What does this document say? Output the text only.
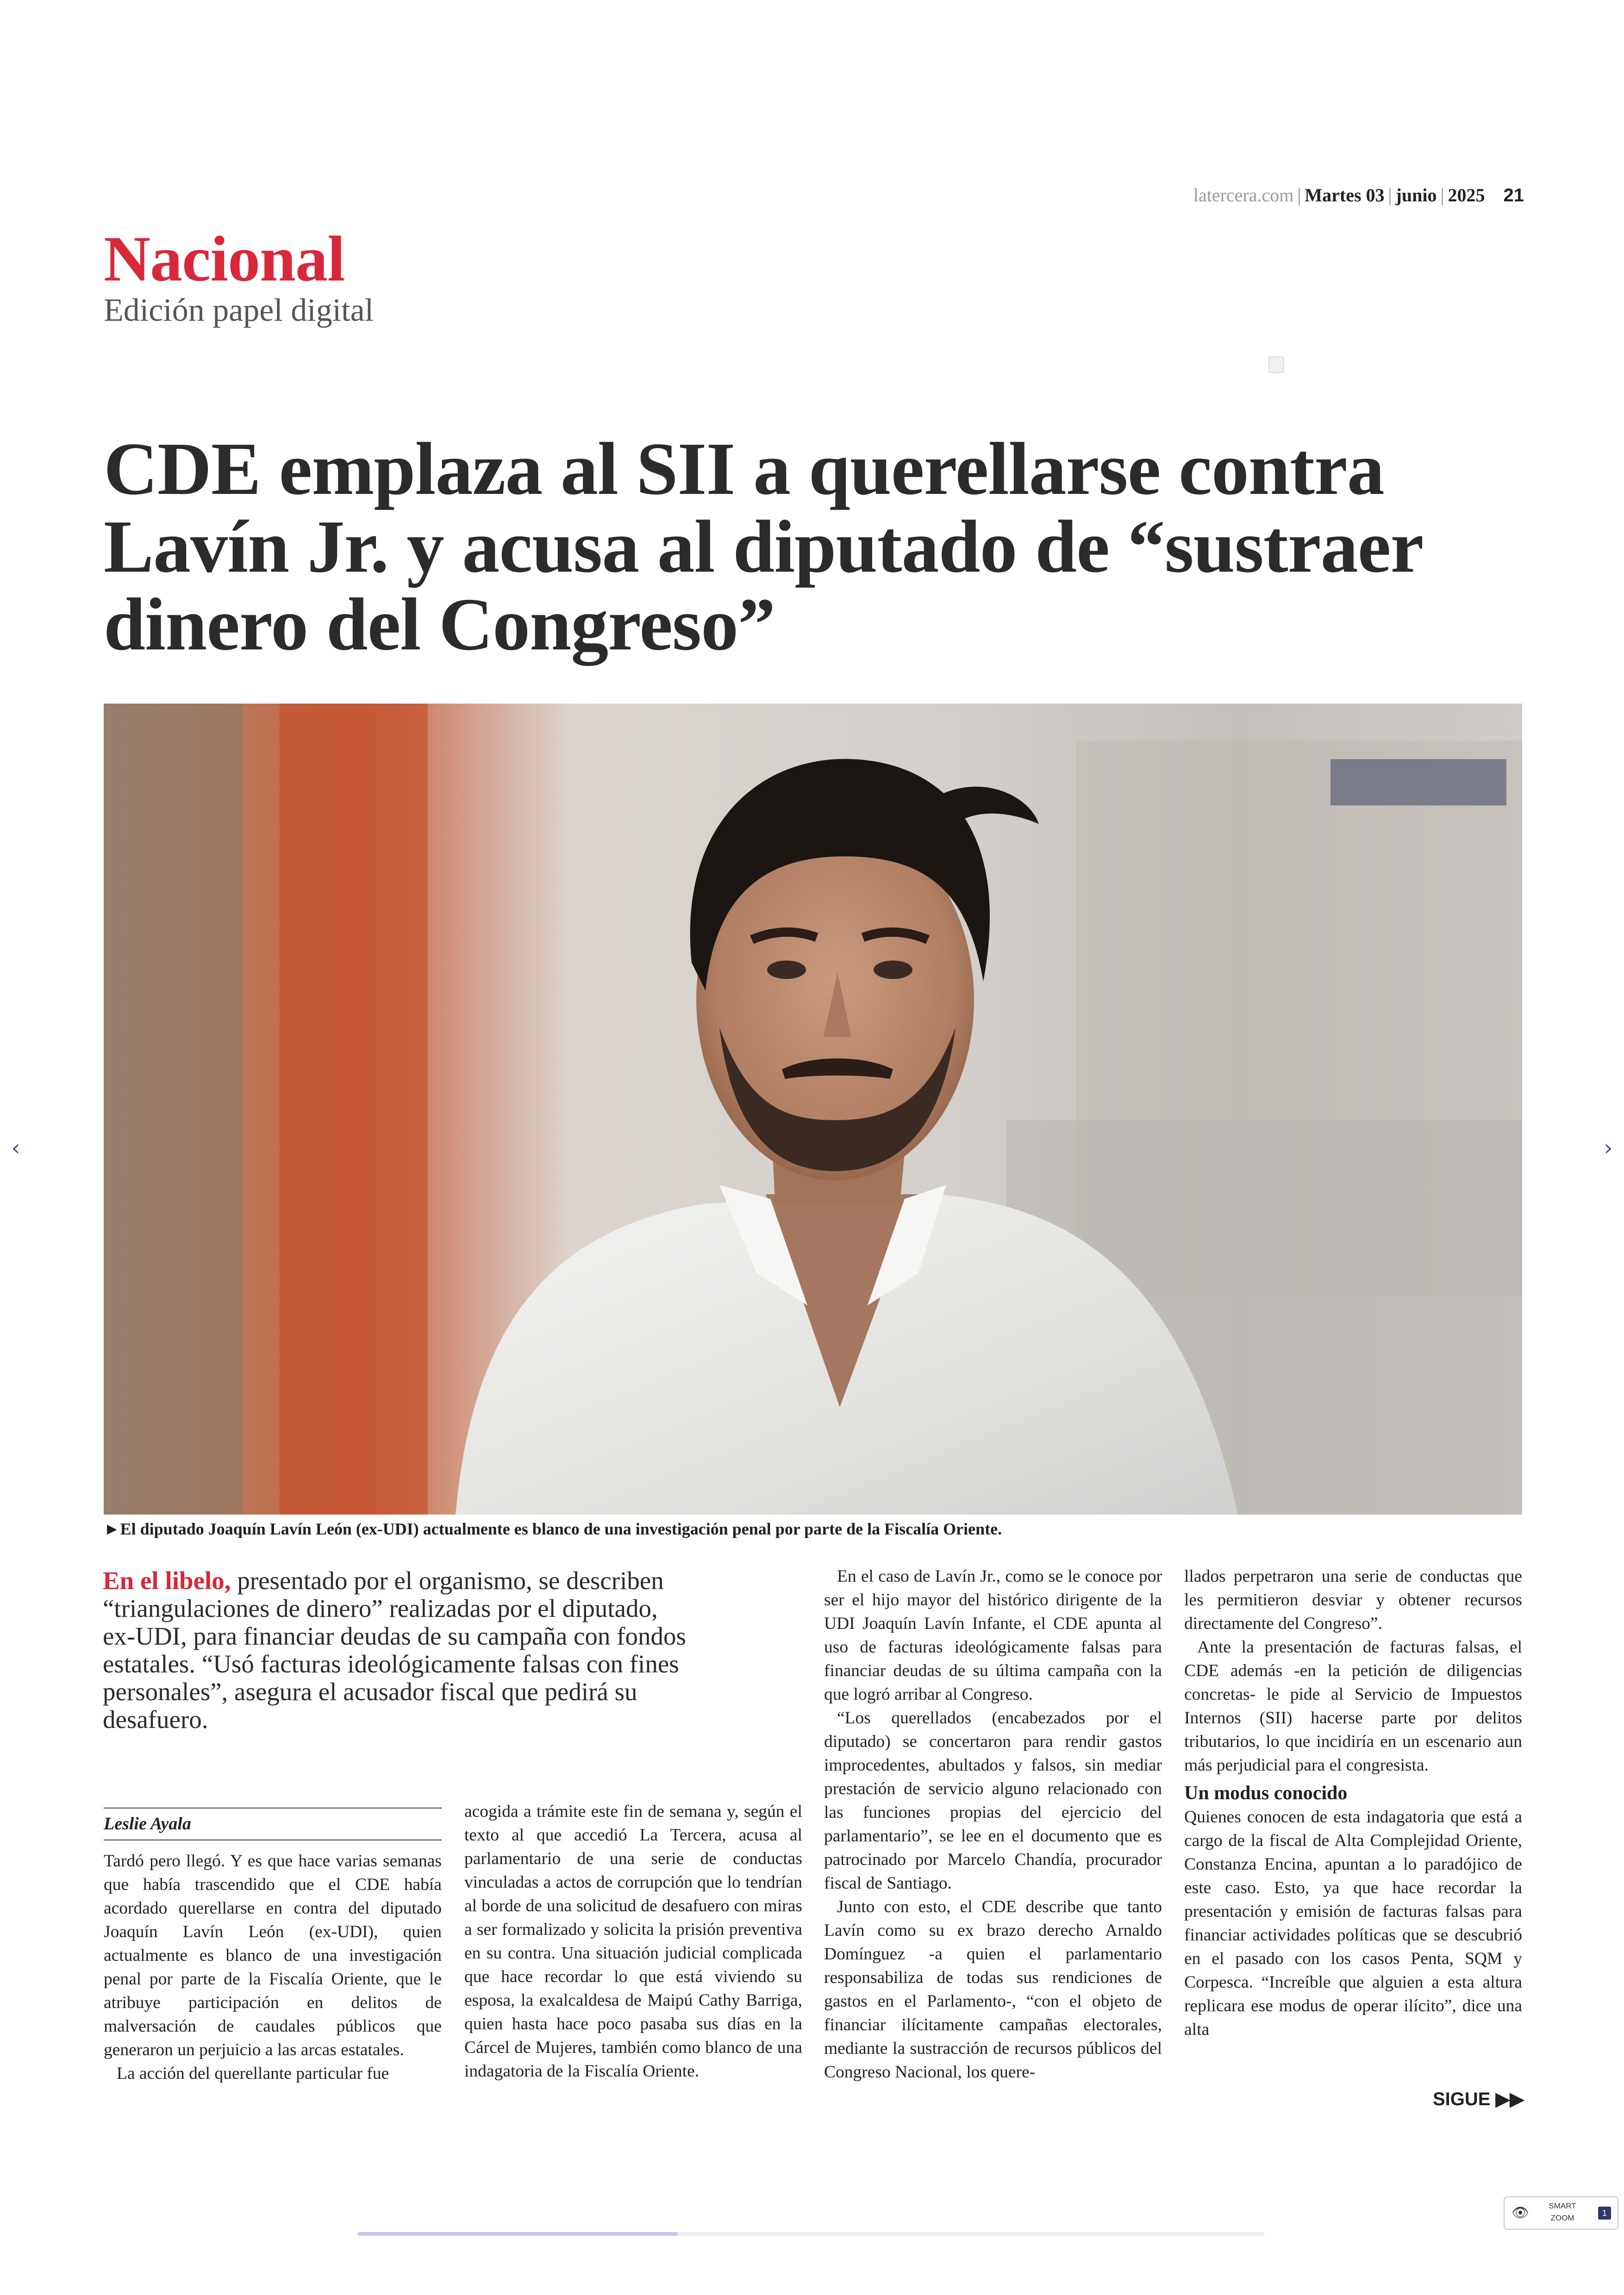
latercera.com | Martes 03 | junio | 2025 21
Nacional
Edición papel digital
CDE emplaza al SII a querellarse contra Lavín Jr. y acusa al diputado de “sustraer dinero del Congreso”
►El diputado Joaquín Lavín León (ex-UDI) actualmente es blanco de una investigación penal por parte de la Fiscalía Oriente.
En el libelo, presentado por el organismo, se describen “triangulaciones de dinero” realizadas por el diputado, ex-UDI, para financiar deudas de su campaña con fondos estatales. “Usó facturas ideológicamente falsas con fines personales”, asegura el acusador fiscal que pedirá su desafuero.
Leslie Ayala

Tardó pero llegó. Y es que hace varias semanas que había trascendido que el CDE había acordado querellarse en contra del diputado Joaquín Lavín León (ex-UDI), quien actualmente es blanco de una investigación penal por parte de la Fiscalía Oriente, que le atribuye participación en delitos de malversación de caudales públicos que generaron un perjuicio a las arcas estatales.

La acción del querellante particular fue

acogida a trámite este fin de semana y, según el texto al que accedió La Tercera, acusa al parlamentario de una serie de conductas vinculadas a actos de corrupción que lo tendrían al borde de una solicitud de desafuero con miras a ser formalizado y solicita la prisión preventiva en su contra. Una situación judicial complicada que hace recordar lo que está viviendo su esposa, la exalcaldesa de Maipú Cathy Barriga, quien hasta hace poco pasaba sus días en la Cárcel de Mujeres, también como blanco de una indagatoria de la Fiscalía Oriente.

En el caso de Lavín Jr., como se le conoce por ser el hijo mayor del histórico dirigente de la UDI Joaquín Lavín Infante, el CDE apunta al uso de facturas ideológicamente falsas para financiar deudas de su última campaña con la que logró arribar al Congreso.

“Los querellados (encabezados por el diputado) se concertaron para rendir gastos improcedentes, abultados y falsos, sin mediar prestación de servicio alguno relacionado con las funciones propias del ejercicio del parlamentario”, se lee en el documento que es patrocinado por Marcelo Chandía, procurador fiscal de Santiago.

Junto con esto, el CDE describe que tanto Lavín como su ex brazo derecho Arnaldo Domínguez -a quien el parlamentario responsabiliza de todas sus rendiciones de gastos en el Parlamento-, “con el objeto de financiar ilícitamente campañas electorales, mediante la sustracción de recursos públicos del Congreso Nacional, los quere-

llados perpetraron una serie de conductas que les permitieron desviar y obtener recursos directamente del Congreso”.

Ante la presentación de facturas falsas, el CDE además -en la petición de diligencias concretas- le pide al Servicio de Impuestos Internos (SII) hacerse parte por delitos tributarios, lo que incidiría en un escenario aun más perjudicial para el congresista.

Un modus conocido

Quienes conocen de esta indagatoria que está a cargo de la fiscal de Alta Complejidad Oriente, Constanza Encina, apuntan a lo paradójico de este caso. Esto, ya que hace recordar la presentación y emisión de facturas falsas para financiar actividades políticas que se descubrió en el pasado con los casos Penta, SQM y Corpesca. “Increíble que alguien a esta altura replicara ese modus de operar ilícito”, dice una alta

SIGUE ▶▶
‹	›
👁	SMART
ZOOM
1
